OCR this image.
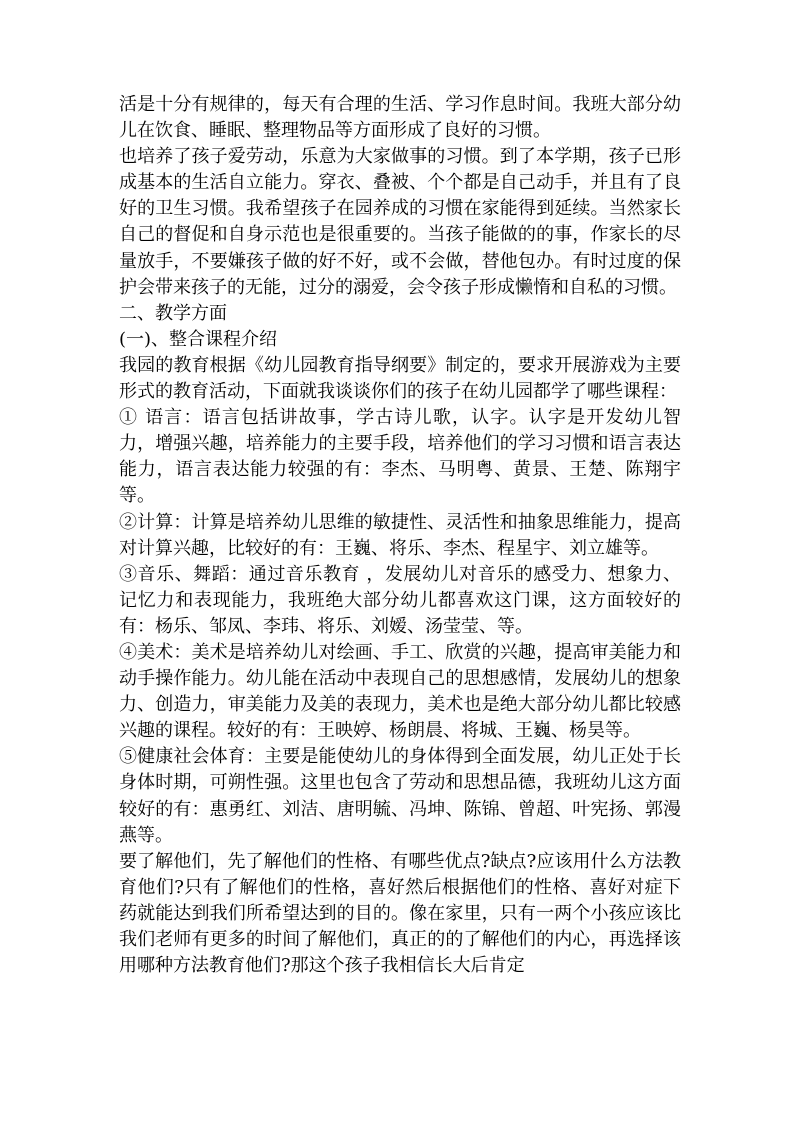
活是十分有规律的，每天有合理的生活、学习作息时间。我班大部分幼儿在饮食、睡眠、整理物品等方面形成了良好的习惯。

也培养了孩子爱劳动，乐意为大家做事的习惯。到了本学期，孩子已形成基本的生活自立能力。穿衣、叠被、个个都是自己动手，并且有了良好的卫生习惯。我希望孩子在园养成的习惯在家能得到延续。当然家长自己的督促和自身示范也是很重要的。当孩子能做的的事，作家长的尽量放手，不要嫌孩子做的好不好，或不会做，替他包办。有时过度的保护会带来孩子的无能，过分的溺爱，会令孩子形成懒惰和自私的习惯。

二、教学方面

(一)、整合课程介绍

我园的教育根据《幼儿园教育指导纲要》制定的，要求开展游戏为主要形式的教育活动，下面就我谈谈你们的孩子在幼儿园都学了哪些课程：

① 语言：语言包括讲故事，学古诗儿歌，认字。认字是开发幼儿智力，增强兴趣，培养能力的主要手段，培养他们的学习习惯和语言表达能力，语言表达能力较强的有：李杰、马明粤、黄景、王楚、陈翔宇等。

②计算：计算是培养幼儿思维的敏捷性、灵活性和抽象思维能力，提高对计算兴趣，比较好的有：王巍、将乐、李杰、程星宇、刘立雄等。

③音乐、舞蹈：通过音乐教育 ，发展幼儿对音乐的感受力、想象力、记忆力和表现能力，我班绝大部分幼儿都喜欢这门课，这方面较好的有：杨乐、邹凤、李玮、将乐、刘嫒、汤莹莹、等。

④美术：美术是培养幼儿对绘画、手工、欣赏的兴趣，提高审美能力和动手操作能力。幼儿能在活动中表现自己的思想感情，发展幼儿的想象力、创造力，审美能力及美的表现力，美术也是绝大部分幼儿都比较感兴趣的课程。较好的有：王映婷、杨朗晨、将城、王巍、杨昊等。

⑤健康社会体育：主要是能使幼儿的身体得到全面发展，幼儿正处于长身体时期，可朔性强。这里也包含了劳动和思想品德，我班幼儿这方面较好的有：惠勇红、刘洁、唐明毓、冯坤、陈锦、曾超、叶宪扬、郭漫燕等。

要了解他们，先了解他们的性格、有哪些优点?缺点?应该用什么方法教育他们?只有了解他们的性格，喜好然后根据他们的性格、喜好对症下药就能达到我们所希望达到的目的。像在家里，只有一两个小孩应该比我们老师有更多的时间了解他们，真正的的了解他们的内心，再选择该用哪种方法教育他们?那这个孩子我相信长大后肯定
